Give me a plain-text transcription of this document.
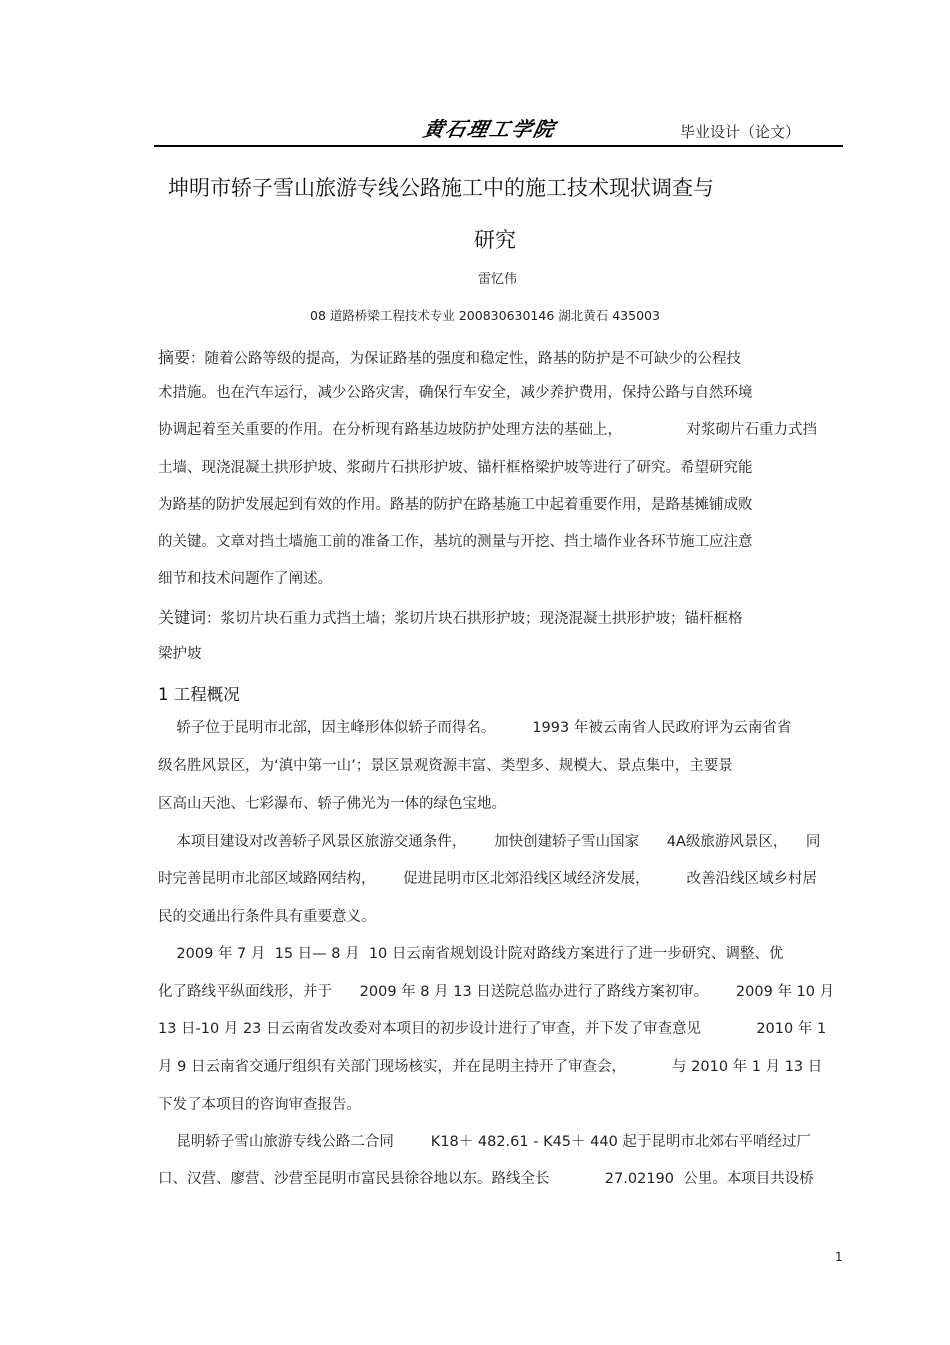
黄石理工学院	毕业设计（论文）
坤明市轿子雪山旅游专线公路施工中的施工技术现状调查与
研究
雷忆伟
08 道路桥梁工程技术专业 200830630146 湖北黄石 435003
摘要：随着公路等级的提高，为保证路基的强度和稳定性，路基的防护是不可缺少的公程技
术措施。也在汽车运行，减少公路灾害，确保行车安全，减少养护费用，保持公路与自然环境
协调起着至关重要的作用。在分析现有路基边坡防护处理方法的基础上，              对浆砌片石重力式挡
土墙、现浇混凝土拱形护坡、浆砌片石拱形护坡、锚杆框格梁护坡等进行了研究。希望研究能
为路基的防护发展起到有效的作用。路基的防护在路基施工中起着重要作用，是路基摊铺成败
的关键。文章对挡土墙施工前的准备工作，基坑的测量与开挖、挡土墙作业各环节施工应注意
细节和技术问题作了阐述。
关键词：浆切片块石重力式挡土墙；浆切片块石拱形护坡；现浇混凝土拱形护坡；锚杆框格
梁护坡
1 工程概况
轿子位于昆明市北部，因主峰形体似轿子而得名。        1993 年被云南省人民政府评为云南省省
级名胜风景区，为‘滇中第一山’；景区景观资源丰富、类型多、规模大、景点集中，主要景
区高山天池、七彩瀑布、轿子佛光为一体的绿色宝地。
本项目建设对改善轿子风景区旅游交通条件，      加快创建轿子雪山国家      4A级旅游风景区，    同
时完善昆明市北部区域路网结构，      促进昆明市区北郊沿线区域经济发展，        改善沿线区域乡村居
民的交通出行条件具有重要意义。
2009 年 7 月  15 日— 8 月  10 日云南省规划设计院对路线方案进行了进一步研究、调整、优
化了路线平纵面线形，并于      2009 年 8 月 13 日送院总监办进行了路线方案初审。      2009 年 10 月
13 日-10 月 23 日云南省发改委对本项目的初步设计进行了审查，并下发了审查意见            2010 年 1
月 9 日云南省交通厅组织有关部门现场核实，并在昆明主持开了审查会，          与 2010 年 1 月 13 日
下发了本项目的咨询审查报告。
昆明轿子雪山旅游专线公路二合同        K18＋ 482.61 - K45＋ 440 起于昆明市北郊右平哨经过厂
口、汉营、廖营、沙营至昆明市富民县徐谷地以东。路线全长            27.02190  公里。本项目共设桥
1
